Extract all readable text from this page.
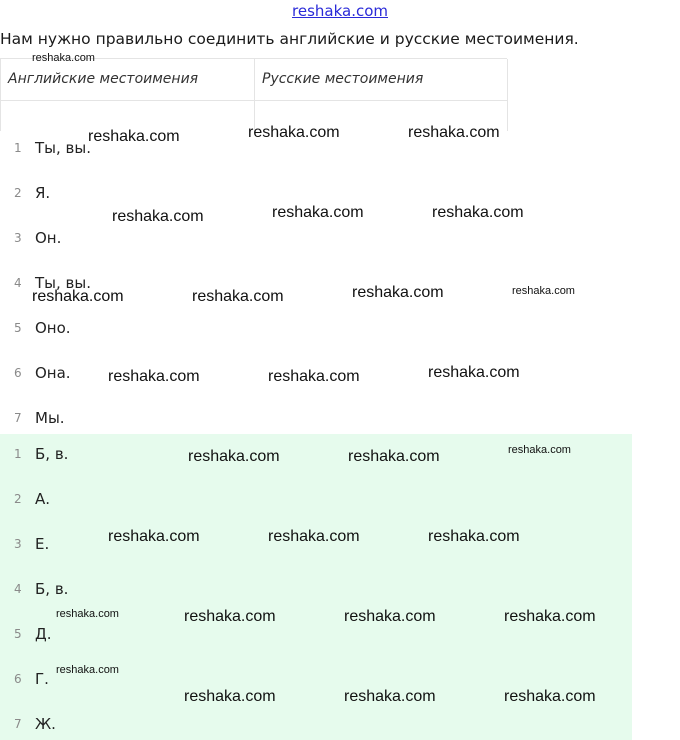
reshaka.com
Нам нужно правильно соединить английские и русские местоимения.
Английские местоимения	Русские местоимения
1 Ты, вы.
2 Я.
3 Он.
4 Ты, вы.
5 Оно.
6 Она.
7 Мы.
1 Б, в.
2 А.
3 Е.
4 Б, в.
5 Д.
6 Г.
7 Ж.
reshaka.com
reshaka.com	reshaka.com	reshaka.com
reshaka.com	reshaka.com	reshaka.com
reshaka.com	reshaka.com	reshaka.com	reshaka.com
reshaka.com	reshaka.com	reshaka.com
reshaka.com	reshaka.com	reshaka.com
reshaka.com	reshaka.com	reshaka.com
reshaka.com	reshaka.com	reshaka.com	reshaka.com
reshaka.com
reshaka.com	reshaka.com	reshaka.com
